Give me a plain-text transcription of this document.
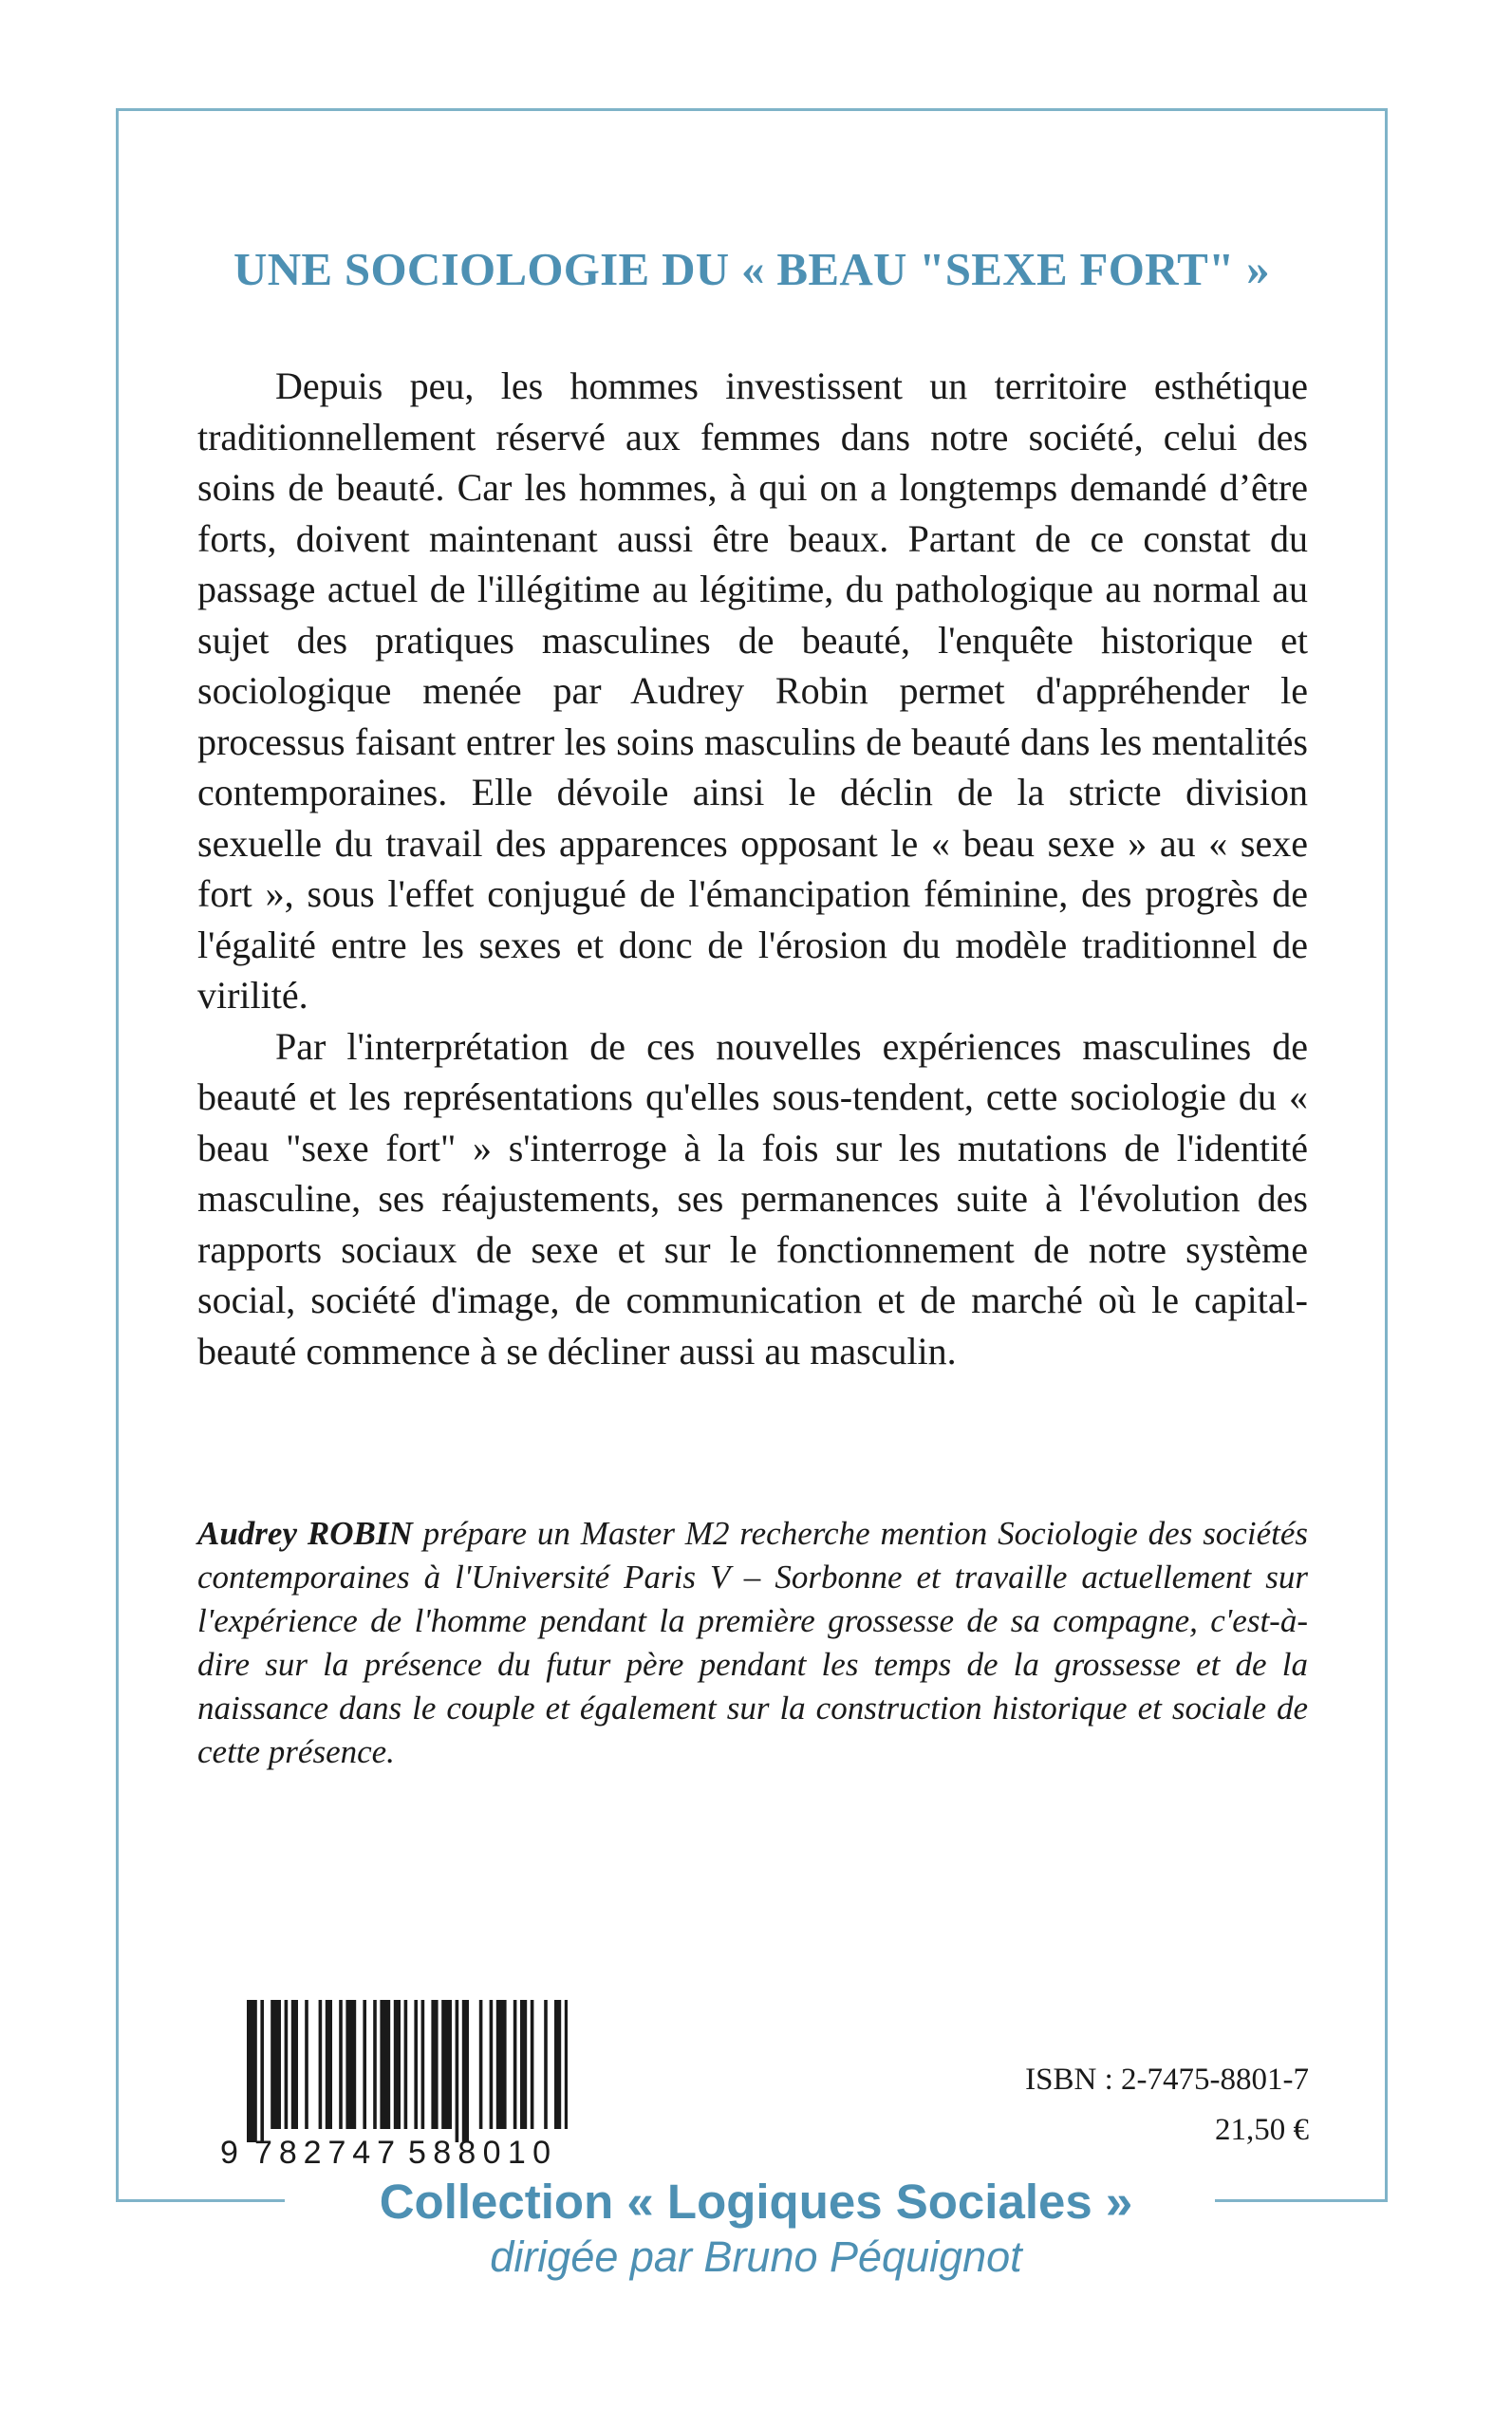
UNE SOCIOLOGIE DU « BEAU "SEXE FORT" »

Depuis peu, les hommes investissent un territoire esthétique traditionnellement réservé aux femmes dans notre société, celui des soins de beauté. Car les hommes, à qui on a longtemps demandé d’être forts, doivent maintenant aussi être beaux. Partant de ce constat du passage actuel de l'illégitime au légitime, du pathologique au normal au sujet des pratiques masculines de beauté, l'enquête historique et sociologique menée par Audrey Robin permet d'appréhender le processus faisant entrer les soins masculins de beauté dans les mentalités contemporaines. Elle dévoile ainsi le déclin de la stricte division sexuelle du travail des apparences opposant le « beau sexe » au « sexe fort », sous l'effet conjugué de l'émancipation féminine, des progrès de l'égalité entre les sexes et donc de l'érosion du modèle traditionnel de virilité.

Par l'interprétation de ces nouvelles expériences masculines de beauté et les représentations qu'elles sous-tendent, cette sociologie du « beau "sexe fort" » s'interroge à la fois sur les mutations de l'identité masculine, ses réajustements, ses permanences suite à l'évolution des rapports sociaux de sexe et sur le fonctionnement de notre système social, société d'image, de communication et de marché où le capital-beauté commence à se décliner aussi au masculin.

Audrey ROBIN prépare un Master M2 recherche mention Sociologie des sociétés contemporaines à l'Université Paris V – Sorbonne et travaille actuellement sur l'expérience de l'homme pendant la première grossesse de sa compagne, c'est-à-dire sur la présence du futur père pendant les temps de la grossesse et de la naissance dans le couple et également sur la construction historique et sociale de cette présence.
9 782747 588010
ISBN : 2-7475-8801-7
21,50 €
Collection « Logiques Sociales »
dirigée par Bruno Péquignot
